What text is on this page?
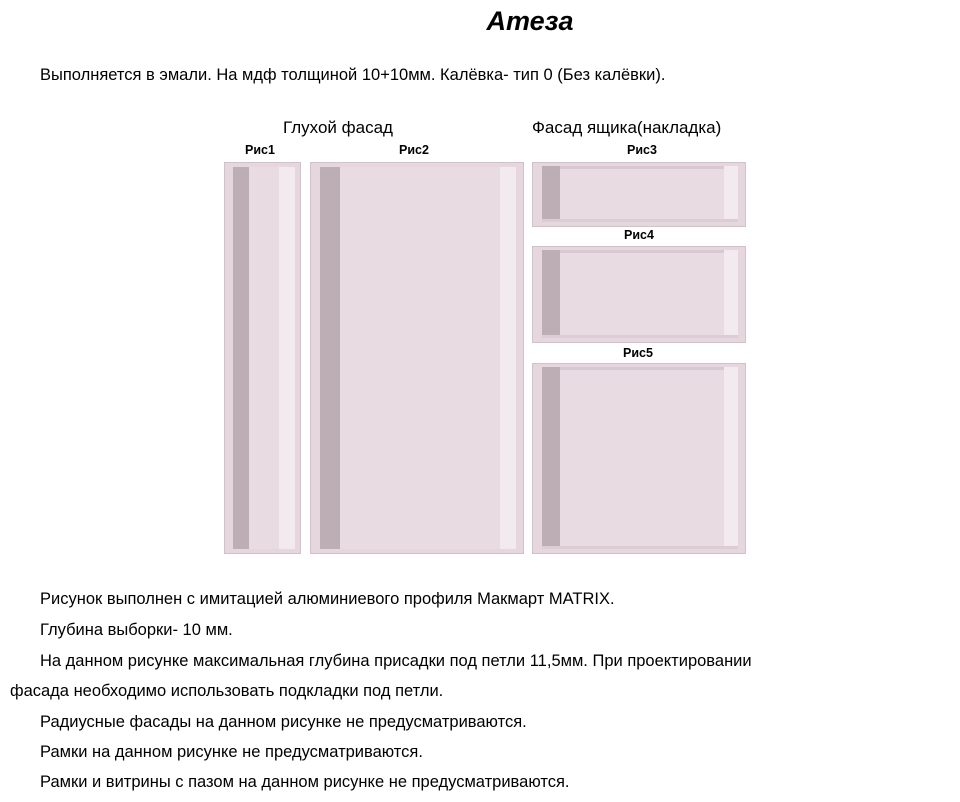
Атеза
Выполняется в эмали. На мдф толщиной 10+10мм. Калёвка- тип 0 (Без калёвки).
Глухой фасад	Фасад ящика(накладка)
Рис1	Рис2	Рис3
Рис4
Рис5
Рисунок выполнен с имитацией алюминиевого профиля Макмарт MATRIX.
Глубина выборки- 10 мм.
На данном рисунке максимальная глубина присадки под петли 11,5мм. При проектировании
фасада необходимо использовать подкладки под петли.
Радиусные фасады на данном рисунке не предусматриваются.
Рамки на данном рисунке не предусматриваются.
Рамки и витрины с пазом на данном рисунке не предусматриваются.
